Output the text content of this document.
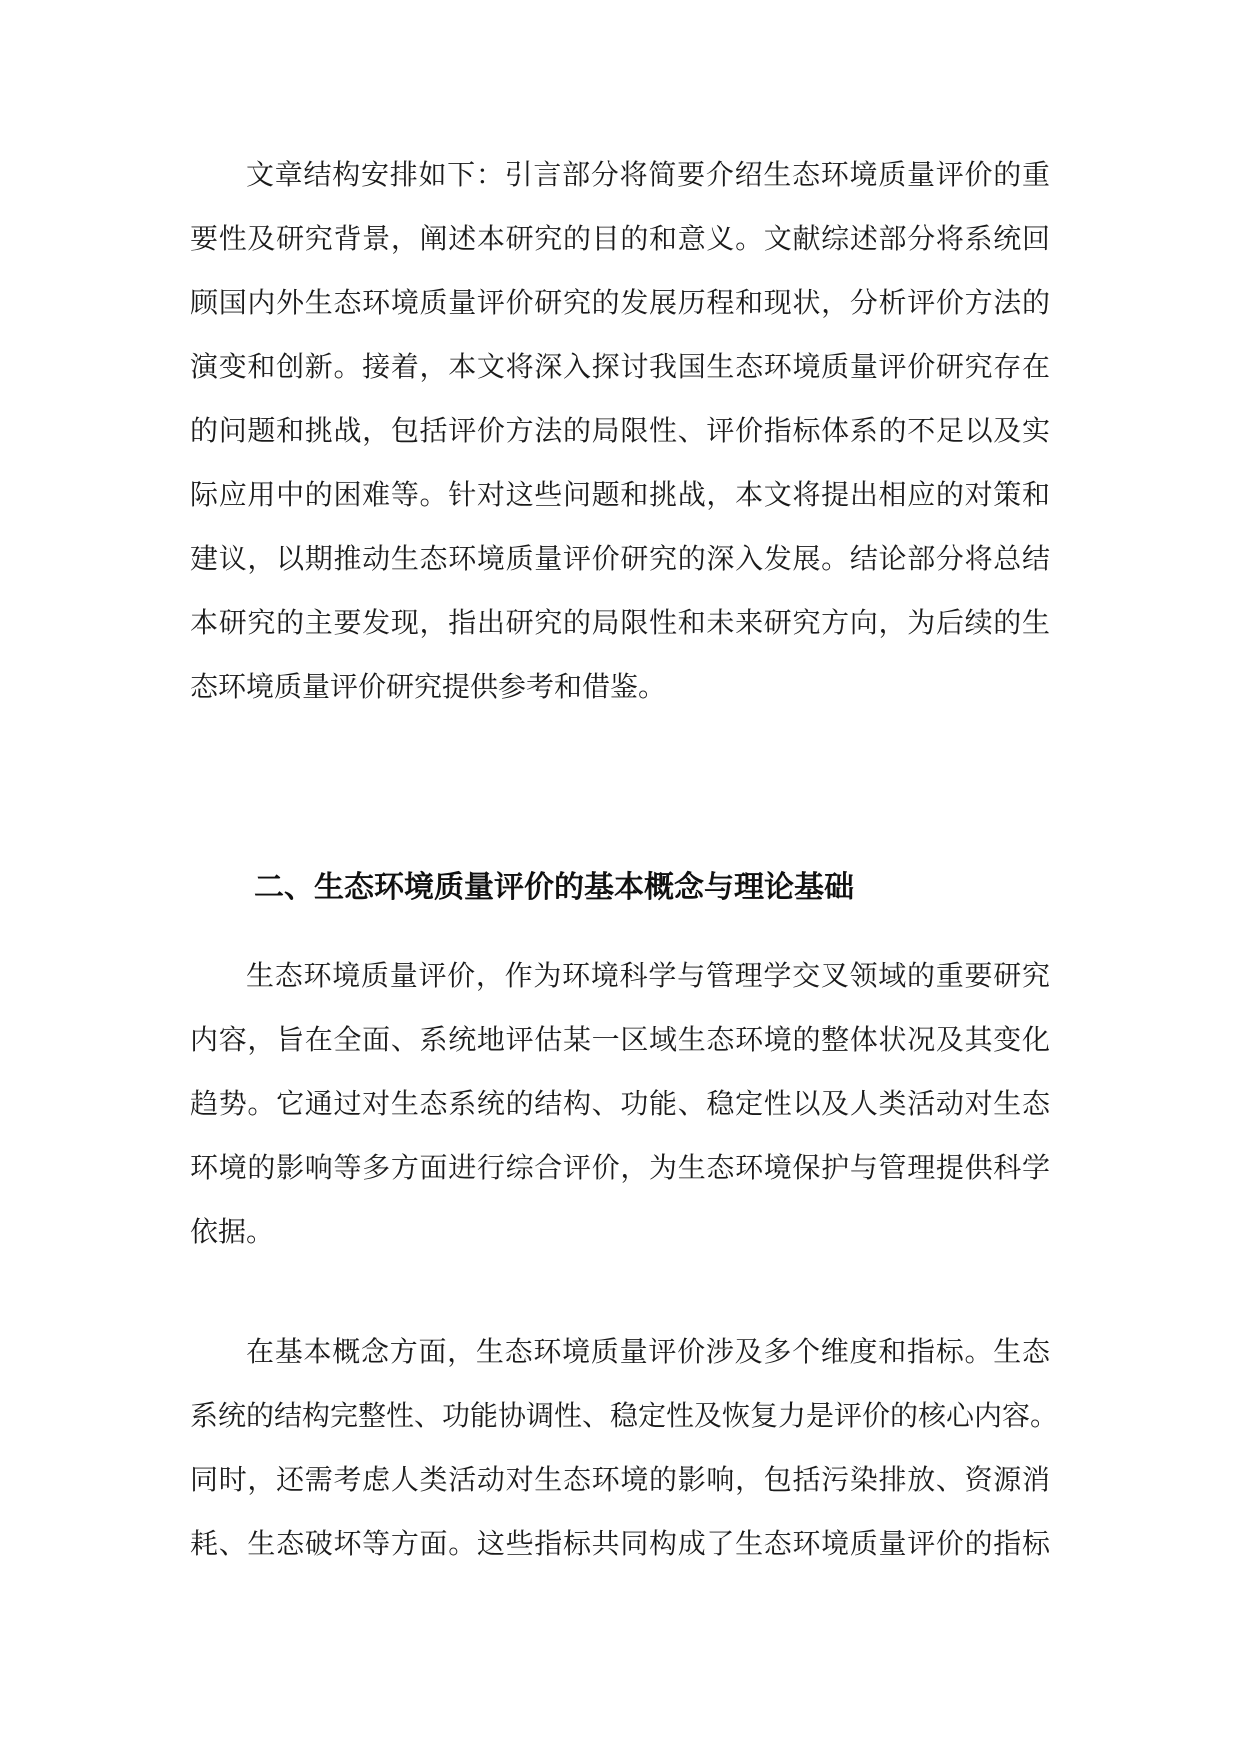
文章结构安排如下：引言部分将简要介绍生态环境质量评价的重
要性及研究背景，阐述本研究的目的和意义。文献综述部分将系统回
顾国内外生态环境质量评价研究的发展历程和现状，分析评价方法的
演变和创新。接着，本文将深入探讨我国生态环境质量评价研究存在
的问题和挑战，包括评价方法的局限性、评价指标体系的不足以及实
际应用中的困难等。针对这些问题和挑战，本文将提出相应的对策和
建议，以期推动生态环境质量评价研究的深入发展。结论部分将总结
本研究的主要发现，指出研究的局限性和未来研究方向，为后续的生
态环境质量评价研究提供参考和借鉴。
二、生态环境质量评价的基本概念与理论基础
生态环境质量评价，作为环境科学与管理学交叉领域的重要研究
内容，旨在全面、系统地评估某一区域生态环境的整体状况及其变化
趋势。它通过对生态系统的结构、功能、稳定性以及人类活动对生态
环境的影响等多方面进行综合评价，为生态环境保护与管理提供科学
依据。
在基本概念方面，生态环境质量评价涉及多个维度和指标。生态
系统的结构完整性、功能协调性、稳定性及恢复力是评价的核心内容。
同时，还需考虑人类活动对生态环境的影响，包括污染排放、资源消
耗、生态破坏等方面。这些指标共同构成了生态环境质量评价的指标
